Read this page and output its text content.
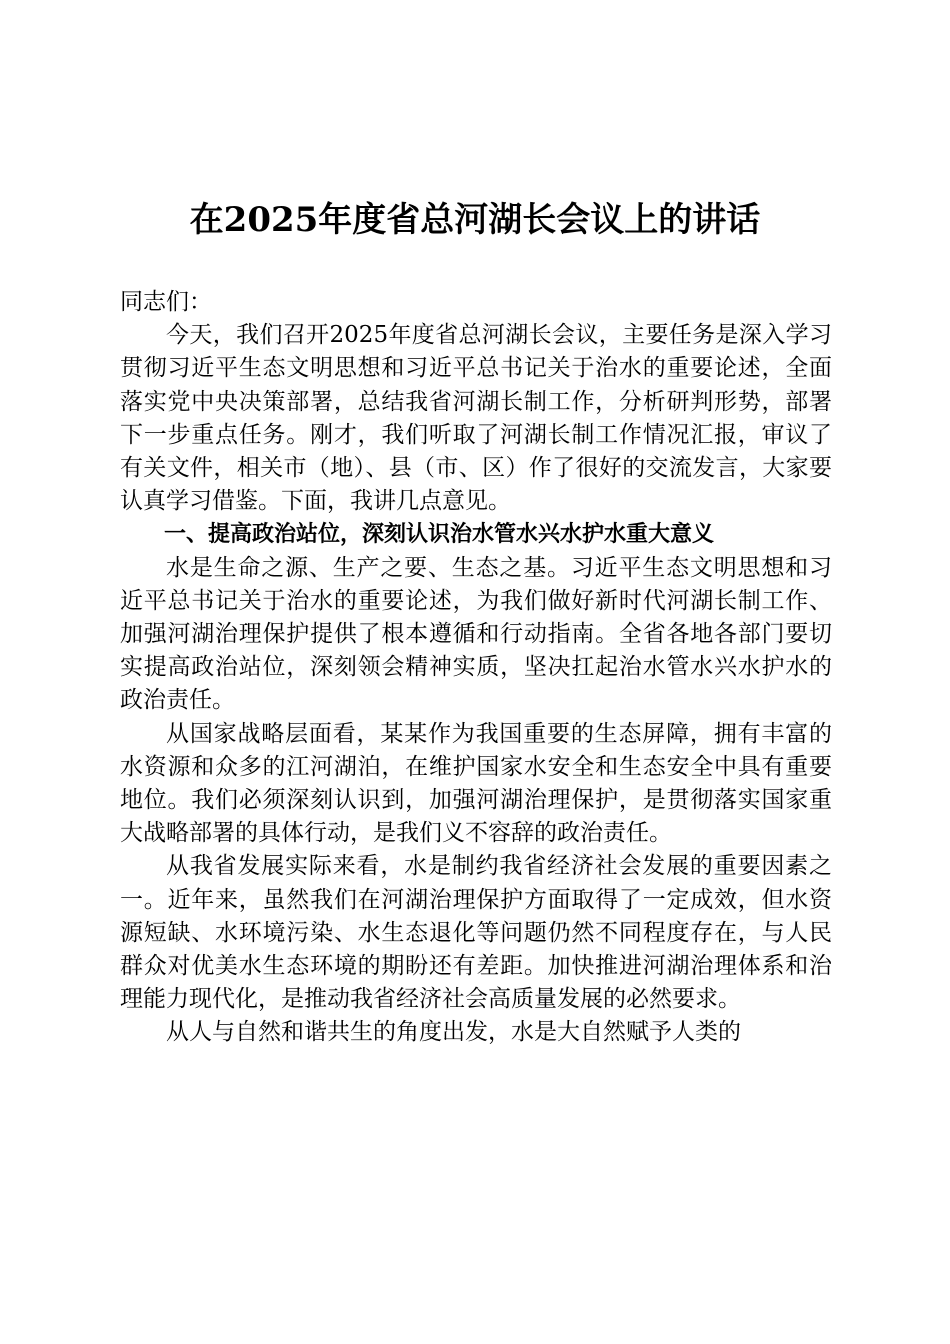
在2025年度省总河湖长会议上的讲话

同志们：

今天，我们召开2025年度省总河湖长会议，主要任务是深入学习贯彻习近平生态文明思想和习近平总书记关于治水的重要论述，全面落实党中央决策部署，总结我省河湖长制工作，分析研判形势，部署下一步重点任务。刚才，我们听取了河湖长制工作情况汇报，审议了有关文件，相关市（地）、县（市、区）作了很好的交流发言，大家要认真学习借鉴。下面，我讲几点意见。

一、提高政治站位，深刻认识治水管水兴水护水重大意义

水是生命之源、生产之要、生态之基。习近平生态文明思想和习近平总书记关于治水的重要论述，为我们做好新时代河湖长制工作、加强河湖治理保护提供了根本遵循和行动指南。全省各地各部门要切实提高政治站位，深刻领会精神实质，坚决扛起治水管水兴水护水的政治责任。

从国家战略层面看，某某作为我国重要的生态屏障，拥有丰富的水资源和众多的江河湖泊，在维护国家水安全和生态安全中具有重要地位。我们必须深刻认识到，加强河湖治理保护，是贯彻落实国家重大战略部署的具体行动，是我们义不容辞的政治责任。

从我省发展实际来看，水是制约我省经济社会发展的重要因素之一。近年来，虽然我们在河湖治理保护方面取得了一定成效，但水资源短缺、水环境污染、水生态退化等问题仍然不同程度存在，与人民群众对优美水生态环境的期盼还有差距。加快推进河湖治理体系和治理能力现代化，是推动我省经济社会高质量发展的必然要求。

从人与自然和谐共生的角度出发，水是大自然赋予人类的
